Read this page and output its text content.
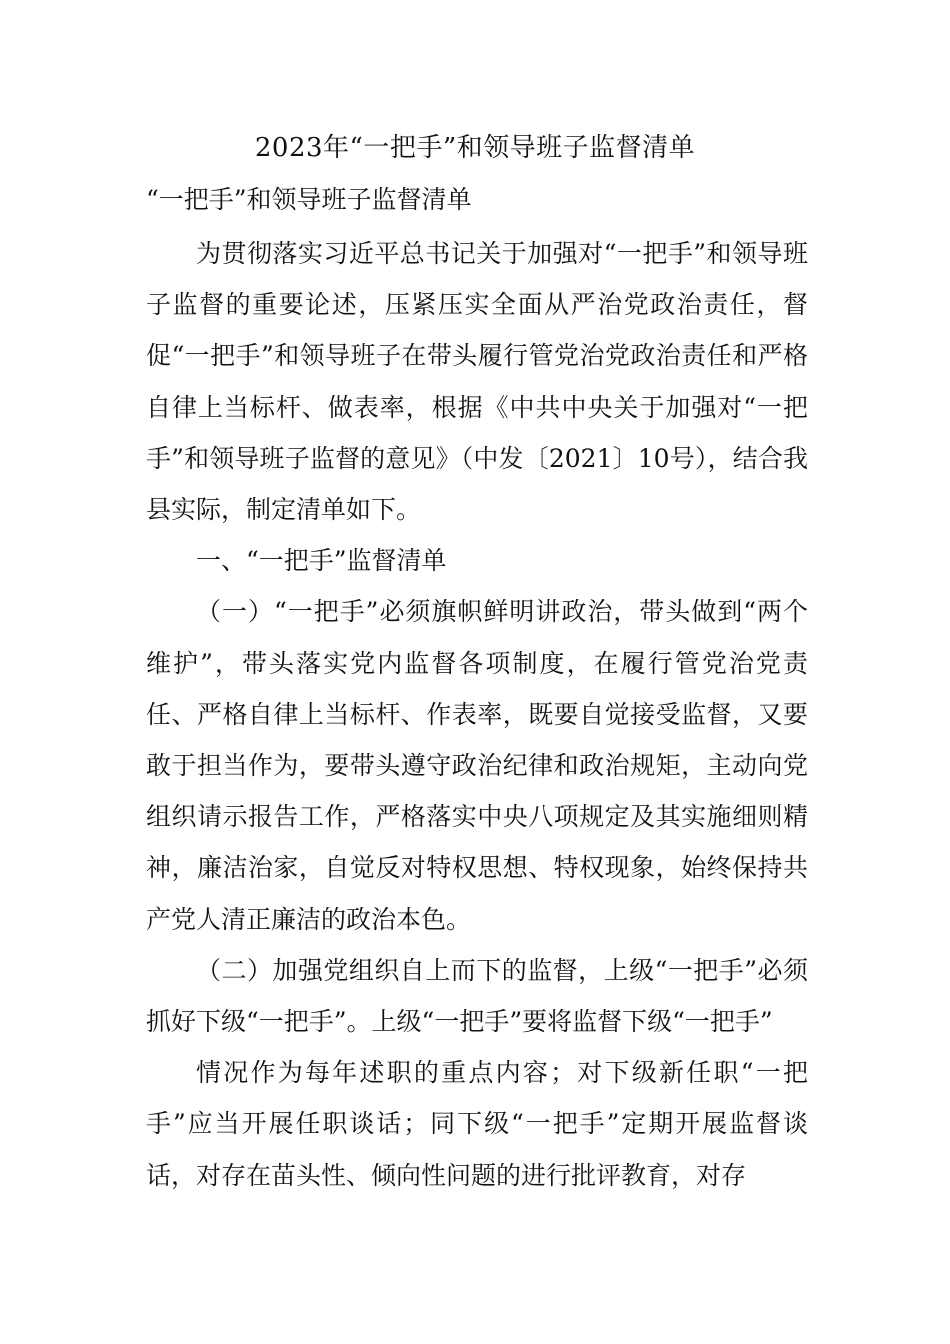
2023年“一把手”和领导班子监督清单
“一把手”和领导班子监督清单

为贯彻落实习近平总书记关于加强对“一把手”和领导班子监督的重要论述，压紧压实全面从严治党政治责任，督促“一把手”和领导班子在带头履行管党治党政治责任和严格自律上当标杆、做表率，根据《中共中央关于加强对“一把手”和领导班子监督的意见》（中发〔2021〕10号），结合我县实际，制定清单如下。

一、“一把手”监督清单

（一）“一把手”必须旗帜鲜明讲政治，带头做到“两个维护”，带头落实党内监督各项制度，在履行管党治党责任、严格自律上当标杆、作表率，既要自觉接受监督，又要敢于担当作为，要带头遵守政治纪律和政治规矩，主动向党组织请示报告工作，严格落实中央八项规定及其实施细则精神，廉洁治家，自觉反对特权思想、特权现象，始终保持共产党人清正廉洁的政治本色。

（二）加强党组织自上而下的监督，上级“一把手”必须抓好下级“一把手”。上级“一把手”要将监督下级“一把手”

情况作为每年述职的重点内容；对下级新任职“一把手”应当开展任职谈话；同下级“一把手”定期开展监督谈话，对存在苗头性、倾向性问题的进行批评教育，对存
